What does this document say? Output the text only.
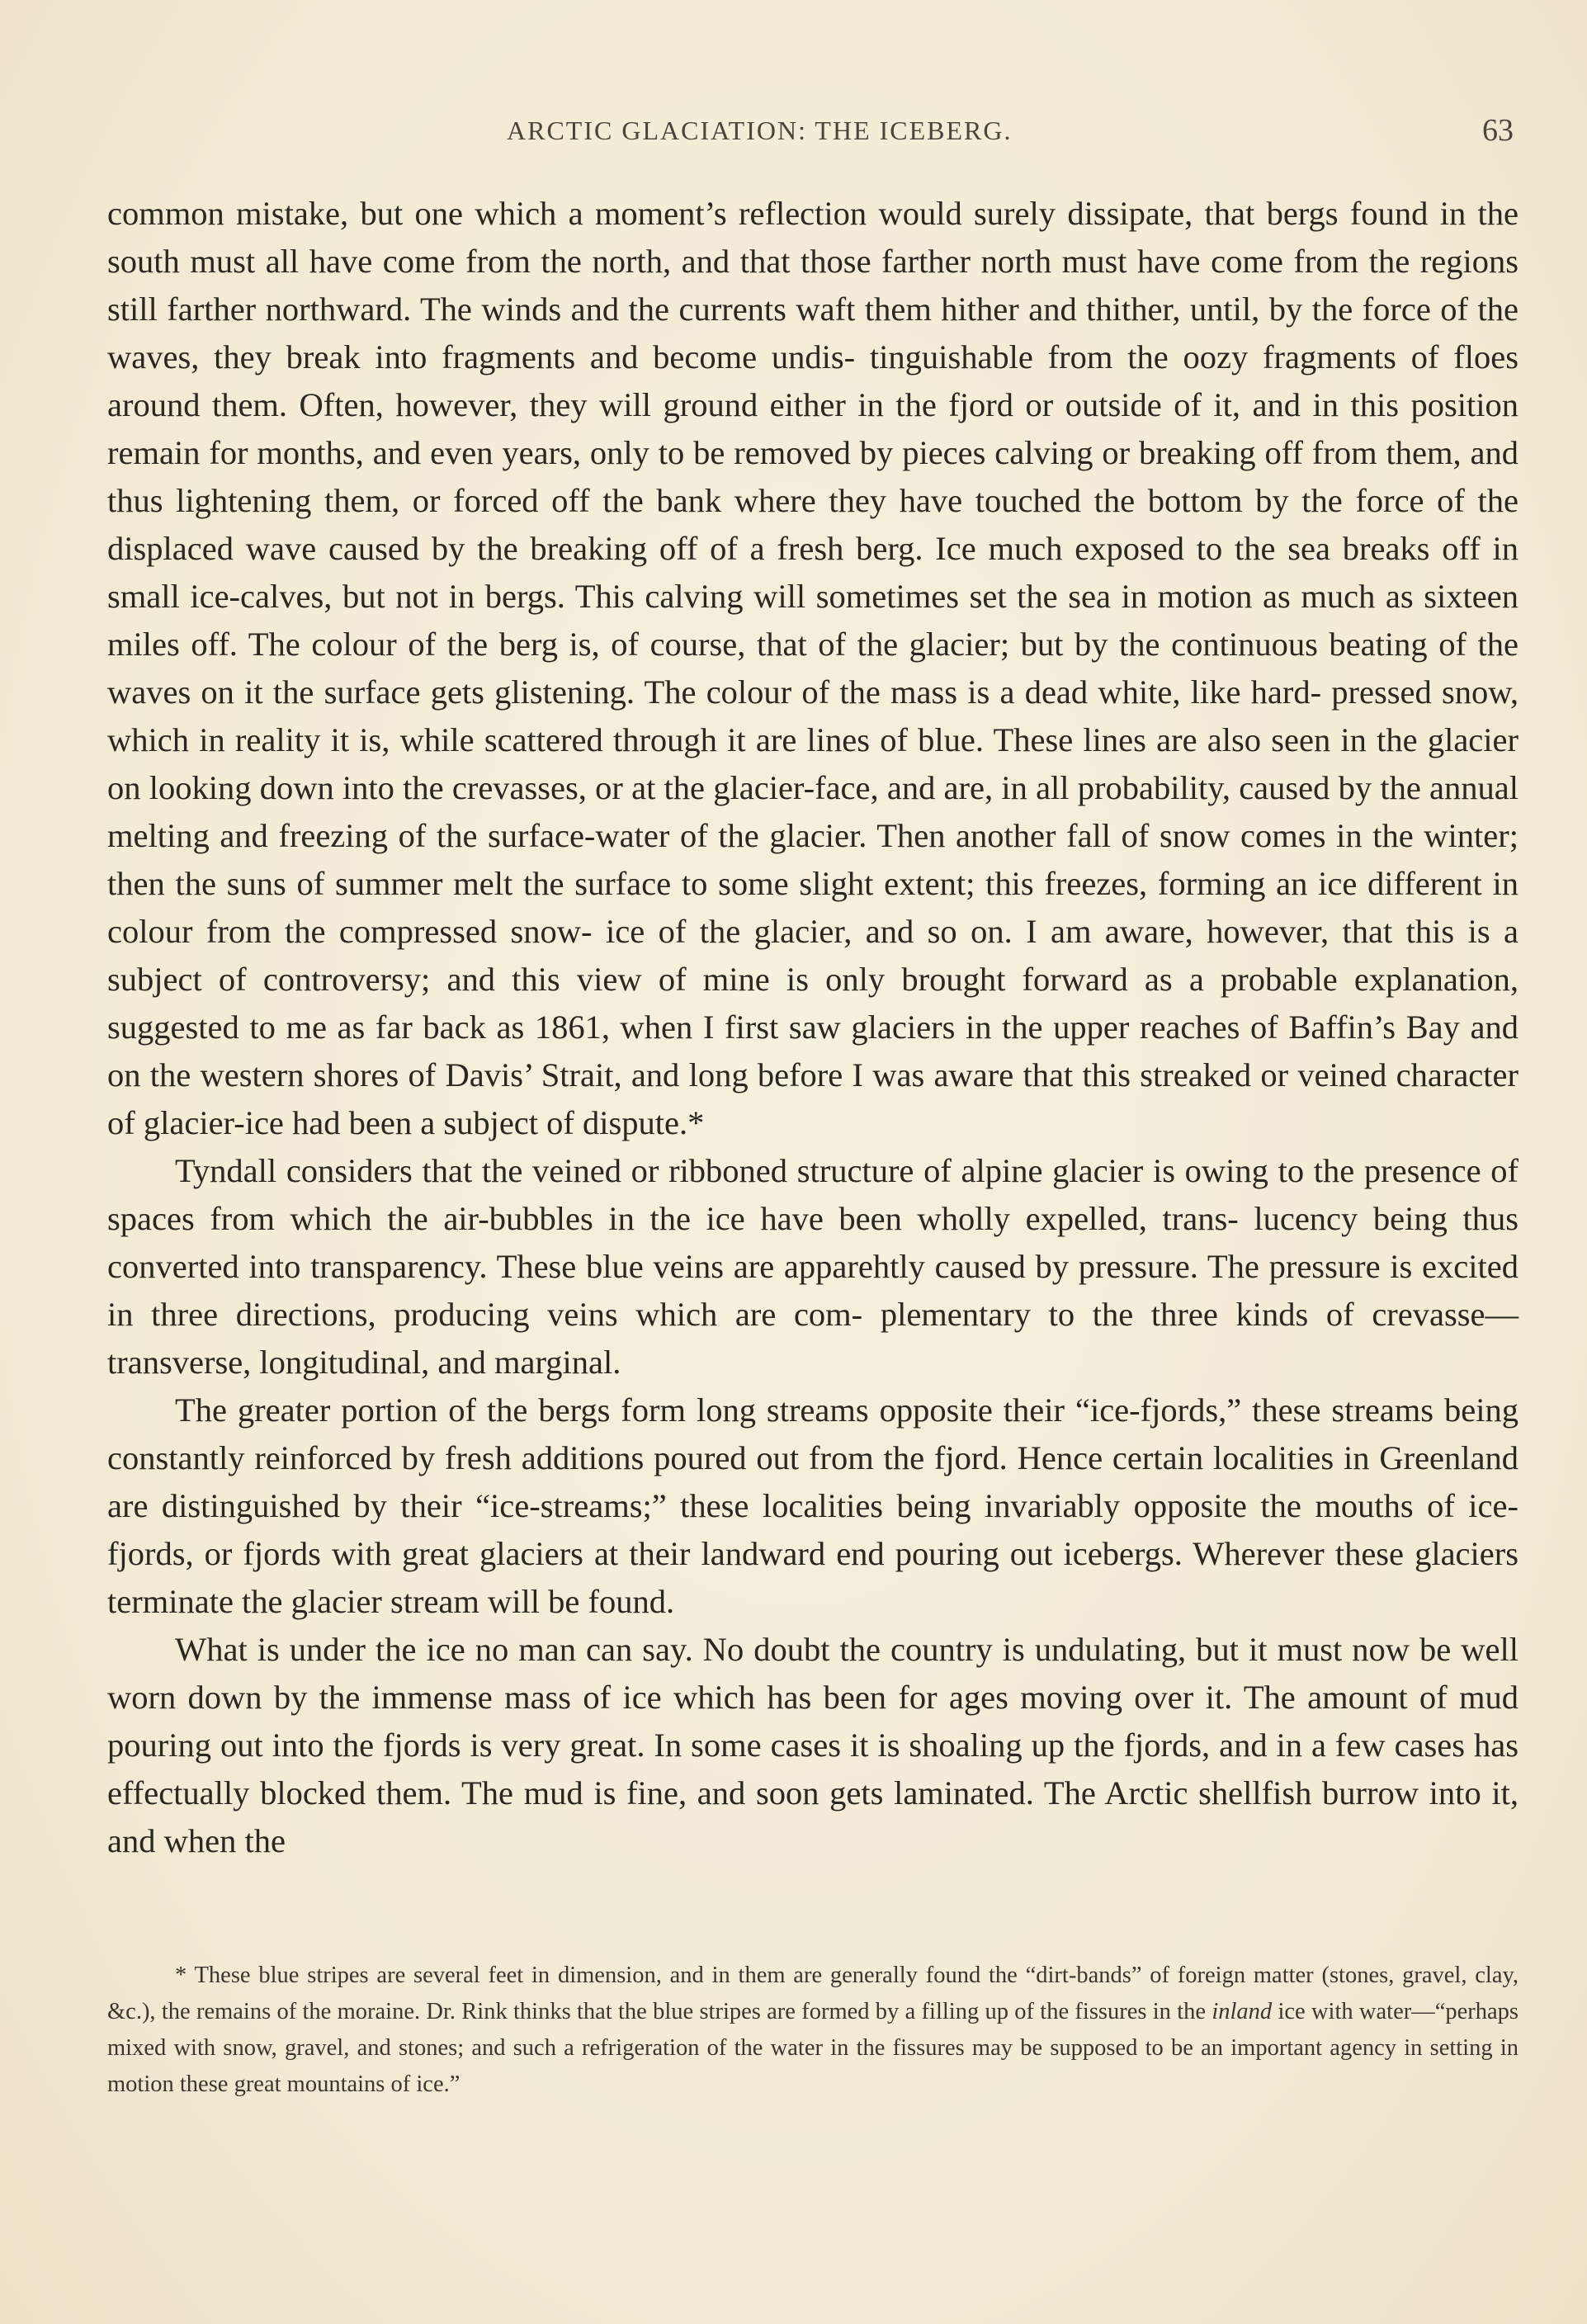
ARCTIC GLACIATION: THE ICEBERG.	63

common mistake, but one which a moment’s reflection would surely dissipate, that bergs found in the south must all have come from the north, and that those farther north must have come from the regions still farther northward. The winds and the currents waft them hither and thither, until, by the force of the waves, they break into fragments and become undis- tinguishable from the oozy fragments of floes around them. Often, however, they will ground either in the fjord or outside of it, and in this position remain for months, and even years, only to be removed by pieces calving or breaking off from them, and thus lightening them, or forced off the bank where they have touched the bottom by the force of the displaced wave caused by the breaking off of a fresh berg. Ice much exposed to the sea breaks off in small ice-calves, but not in bergs. This calving will sometimes set the sea in motion as much as sixteen miles off. The colour of the berg is, of course, that of the glacier; but by the continuous beating of the waves on it the surface gets glistening. The colour of the mass is a dead white, like hard- pressed snow, which in reality it is, while scattered through it are lines of blue. These lines are also seen in the glacier on looking down into the crevasses, or at the glacier-face, and are, in all probability, caused by the annual melting and freezing of the surface-water of the glacier. Then another fall of snow comes in the winter; then the suns of summer melt the surface to some slight extent; this freezes, forming an ice different in colour from the compressed snow- ice of the glacier, and so on. I am aware, however, that this is a subject of controversy; and this view of mine is only brought forward as a probable explanation, suggested to me as far back as 1861, when I first saw glaciers in the upper reaches of Baffin’s Bay and on the western shores of Davis’ Strait, and long before I was aware that this streaked or veined character of glacier-ice had been a subject of dispute.*

Tyndall considers that the veined or ribboned structure of alpine glacier is owing to the presence of spaces from which the air-bubbles in the ice have been wholly expelled, trans- lucency being thus converted into transparency. These blue veins are apparehtly caused by pressure. The pressure is excited in three directions, producing veins which are com- plementary to the three kinds of crevasse—transverse, longitudinal, and marginal.

The greater portion of the bergs form long streams opposite their “ice-fjords,” these streams being constantly reinforced by fresh additions poured out from the fjord. Hence certain localities in Greenland are distinguished by their “ice-streams;” these localities being invariably opposite the mouths of ice-fjords, or fjords with great glaciers at their landward end pouring out icebergs. Wherever these glaciers terminate the glacier stream will be found.

What is under the ice no man can say. No doubt the country is undulating, but it must now be well worn down by the immense mass of ice which has been for ages moving over it. The amount of mud pouring out into the fjords is very great. In some cases it is shoaling up the fjords, and in a few cases has effectually blocked them. The mud is fine, and soon gets laminated. The Arctic shellfish burrow into it, and when the

* These blue stripes are several feet in dimension, and in them are generally found the “dirt-bands” of foreign matter (stones, gravel, clay, &c.), the remains of the moraine. Dr. Rink thinks that the blue stripes are formed by a filling up of the fissures in the inland ice with water—“perhaps mixed with snow, gravel, and stones; and such a refrigeration of the water in the fissures may be supposed to be an important agency in setting in motion these great mountains of ice.”
